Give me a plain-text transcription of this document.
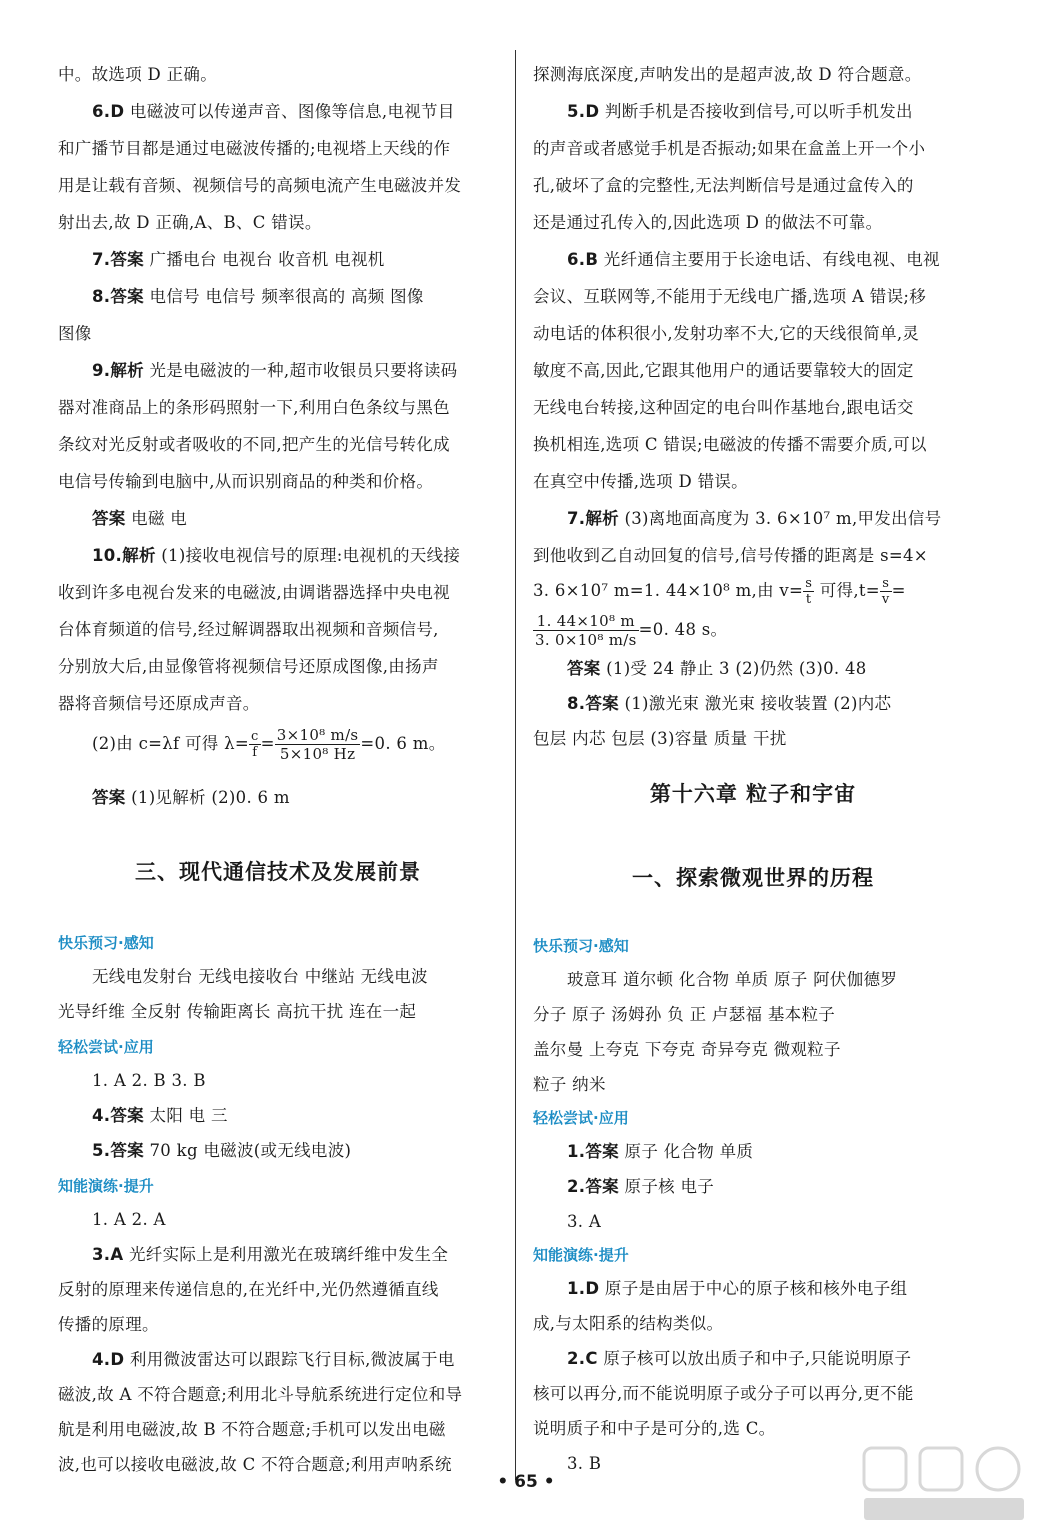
中。故选项 D 正确。
6.D 电磁波可以传递声音、图像等信息,电视节目
和广播节目都是通过电磁波传播的;电视塔上天线的作
用是让载有音频、视频信号的高频电流产生电磁波并发
射出去,故 D 正确,A、B、C 错误。
7.答案 广播电台 电视台 收音机 电视机
8.答案 电信号 电信号 频率很高的 高频 图像
图像
9.解析 光是电磁波的一种,超市收银员只要将读码
器对准商品上的条形码照射一下,利用白色条纹与黑色
条纹对光反射或者吸收的不同,把产生的光信号转化成
电信号传输到电脑中,从而识别商品的种类和价格。
答案 电磁 电
10.解析 (1)接收电视信号的原理:电视机的天线接
收到许多电视台发来的电磁波,由调谐器选择中央电视
台体育频道的信号,经过解调器取出视频和音频信号,
分别放大后,由显像管将视频信号还原成图像,由扬声
器将音频信号还原成声音。
(2)由 c=λf 可得 $\lambda= \frac{c}{f} = \frac{\text{3×10⁸ m/s}}{\text{5×10⁸ Hz}} =0$. 6 m。
答案 (1)见解析 (2)0. 6 m
三、现代通信技术及发展前景
快乐预习·感知
无线电发射台 无线电接收台 中继站 无线电波
光导纤维 全反射 传输距离长 高抗干扰 连在一起
轻松尝试·应用
1. A 2. B 3. B
4.答案 太阳 电 三
5.答案 70 kg 电磁波(或无线电波)
知能演练·提升
1. A 2. A
3.A 光纤实际上是利用激光在玻璃纤维中发生全
反射的原理来传递信息的,在光纤中,光仍然遵循直线
传播的原理。
4.D 利用微波雷达可以跟踪飞行目标,微波属于电
磁波,故 A 不符合题意;利用北斗导航系统进行定位和导
航是利用电磁波,故 B 不符合题意;手机可以发出电磁
波,也可以接收电磁波,故 C 不符合题意;利用声呐系统
探测海底深度,声呐发出的是超声波,故 D 符合题意。
5.D 判断手机是否接收到信号,可以听手机发出
的声音或者感觉手机是否振动;如果在盒盖上开一个小
孔,破坏了盒的完整性,无法判断信号是通过盒传入的
还是通过孔传入的,因此选项 D 的做法不可靠。
6.B 光纤通信主要用于长途电话、有线电视、电视
会议、互联网等,不能用于无线电广播,选项 A 错误;移
动电话的体积很小,发射功率不大,它的天线很简单,灵
敏度不高,因此,它跟其他用户的通话要靠较大的固定
无线电台转接,这种固定的电台叫作基地台,跟电话交
换机相连,选项 C 错误;电磁波的传播不需要介质,可以
在真空中传播,选项 D 错误。
7.解析 (3)离地面高度为 3. 6×10⁷ m,甲发出信号
到他收到乙自动回复的信号,信号传播的距离是 s=4×
3. 6×10⁷ m=1. 44×10⁸ m,由 $v= \frac{s}{t}$ 可得$,t= \frac{s}{v}$ =
$\frac{\text{1. 44×10⁸ m}}{\text{3. 0×10⁸ m/s}} =0$. 48 s。
答案 (1)受 24 静止 3 (2)仍然 (3)0. 48
8.答案 (1)激光束 激光束 接收装置 (2)内芯
包层 内芯 包层 (3)容量 质量 干扰
第十六章 粒子和宇宙
一、探索微观世界的历程
快乐预习·感知
玻意耳 道尔顿 化合物 单质 原子 阿伏伽德罗
分子 原子 汤姆孙 负 正 卢瑟福 基本粒子
盖尔曼 上夸克 下夸克 奇异夸克 微观粒子
粒子 纳米
轻松尝试·应用
1.答案 原子 化合物 单质
2.答案 原子核 电子
3. A
知能演练·提升
1.D 原子是由居于中心的原子核和核外电子组
成,与太阳系的结构类似。
2.C 原子核可以放出质子和中子,只能说明原子
核可以再分,而不能说明原子或分子可以再分,更不能
说明质子和中子是可分的,选 C。
3. B
• 65 •
